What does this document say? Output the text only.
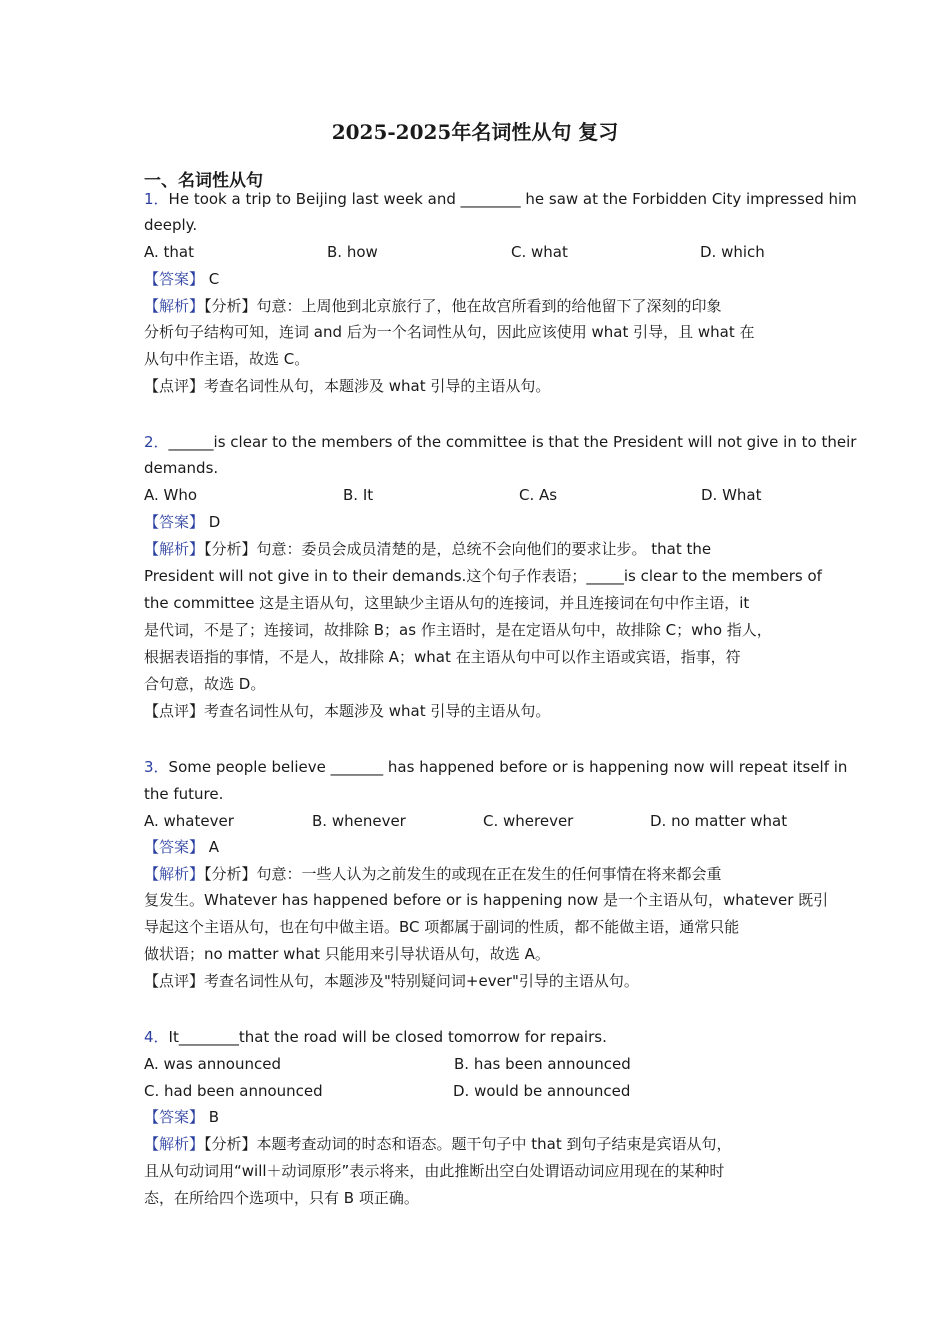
2025-2025年名词性从句 复习
一、名词性从句
1．He took a trip to Beijing last week and ________ he saw at the Forbidden City impressed him
deeply.
A. that	B. how	C. what	D. which
【答案】 C
【解析】【分析】句意：上周他到北京旅行了，他在故宫所看到的给他留下了深刻的印象
分析句子结构可知，连词 and 后为一个名词性从句，因此应该使用 what 引导，且 what 在
从句中作主语，故选 C。
【点评】考查名词性从句，本题涉及 what 引导的主语从句。
2．______is clear to the members of the committee is that the President will not give in to their
demands.
A. Who	B. It	C. As	D. What
【答案】 D
【解析】【分析】句意：委员会成员清楚的是，总统不会向他们的要求让步。 that the
President will not give in to their demands.这个句子作表语；_____is clear to the members of
the committee 这是主语从句，这里缺少主语从句的连接词，并且连接词在句中作主语，it
是代词，不是了；连接词，故排除 B；as 作主语时，是在定语从句中，故排除 C；who 指人，
根据表语指的事情，不是人，故排除 A；what 在主语从句中可以作主语或宾语，指事，符
合句意，故选 D。
【点评】考查名词性从句，本题涉及 what 引导的主语从句。
3．Some people believe _______ has happened before or is happening now will repeat itself in
the future.
A. whatever	B. whenever	C. wherever	D. no matter what
【答案】 A
【解析】【分析】句意：一些人认为之前发生的或现在正在发生的任何事情在将来都会重
复发生。Whatever has happened before or is happening now 是一个主语从句，whatever 既引
导起这个主语从句，也在句中做主语。BC 项都属于副词的性质，都不能做主语，通常只能
做状语；no matter what 只能用来引导状语从句，故选 A。
【点评】考查名词性从句，本题涉及"特别疑问词+ever"引导的主语从句。
4．It________that the road will be closed tomorrow for repairs.
A. was announced	B. has been announced
C. had been announced	D. would be announced
【答案】 B
【解析】【分析】本题考查动词的时态和语态。题干句子中 that 到句子结束是宾语从句，
且从句动词用“will＋动词原形”表示将来，由此推断出空白处谓语动词应用现在的某种时
态，在所给四个选项中，只有 B 项正确。
